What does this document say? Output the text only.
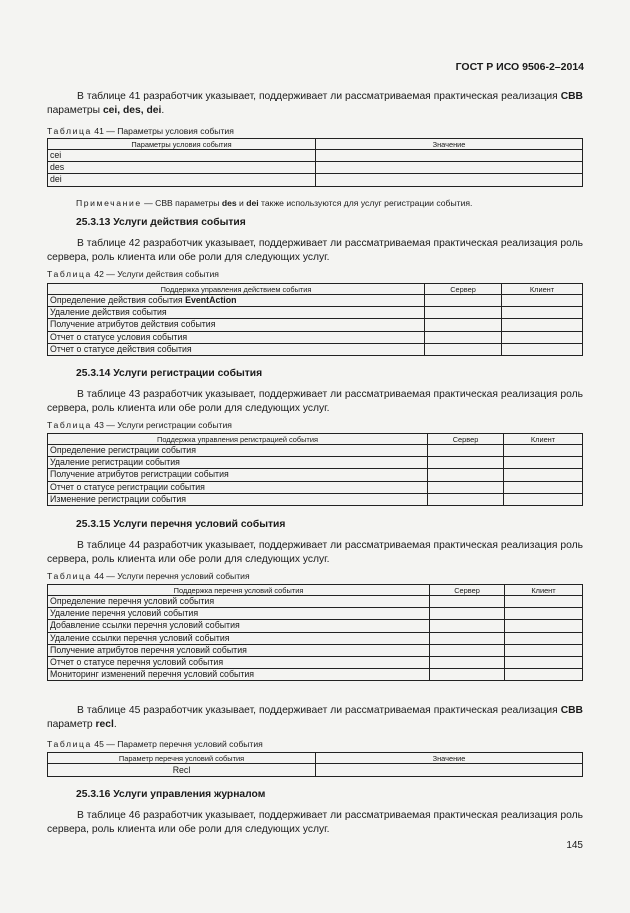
ГОСТ Р ИСО 9506-2–2014
В таблице 41 разработчик указывает, поддерживает ли рассматриваемая практическая реализация CBB параметры cei, des, dei.
Таблица 41 — Параметры условия события
Параметры условия события	Значение
cei	
des	
dei	
Примечание — СВВ параметры des и dei также используются для услуг регистрации события.
25.3.13 Услуги действия события
В таблице 42 разработчик указывает, поддерживает ли рассматриваемая практическая реализация роль сервера, роль клиента или обе роли для следующих услуг.
Таблица 42 — Услуги действия события
Поддержка управления действием события	Сервер	Клиент
Определение действия события EventAction		
Удаление действия события		
Получение атрибутов действия события		
Отчет о статусе условия события		
Отчет о статусе действия события		
25.3.14 Услуги регистрации события
В таблице 43 разработчик указывает, поддерживает ли рассматриваемая практическая реализация роль сервера, роль клиента или обе роли для следующих услуг.
Таблица 43 — Услуги регистрации события
Поддержка управления регистрацией события	Сервер	Клиент
Определение регистрации события		
Удаление регистрации события		
Получение атрибутов регистрации события		
Отчет о статусе регистрации события		
Изменение регистрации события		
25.3.15 Услуги перечня условий события
В таблице 44 разработчик указывает, поддерживает ли рассматриваемая практическая реализация роль сервера, роль клиента или обе роли для следующих услуг.
Таблица 44 — Услуги перечня условий события
Поддержка перечня условий события	Сервер	Клиент
Определение перечня условий события		
Удаление перечня условий события		
Добавление ссылки перечня условий события		
Удаление ссылки перечня условий события		
Получение атрибутов перечня условий события		
Отчет о статусе перечня условий события		
Мониторинг изменений перечня условий события		
В таблице 45 разработчик указывает, поддерживает ли рассматриваемая практическая реализация CBB параметр recl.
Таблица 45 — Параметр перечня условий события
Параметр перечня условий события	Значение
Recl	
25.3.16 Услуги управления журналом
В таблице 46 разработчик указывает, поддерживает ли рассматриваемая практическая реализация роль сервера, роль клиента или обе роли для следующих услуг.
145
